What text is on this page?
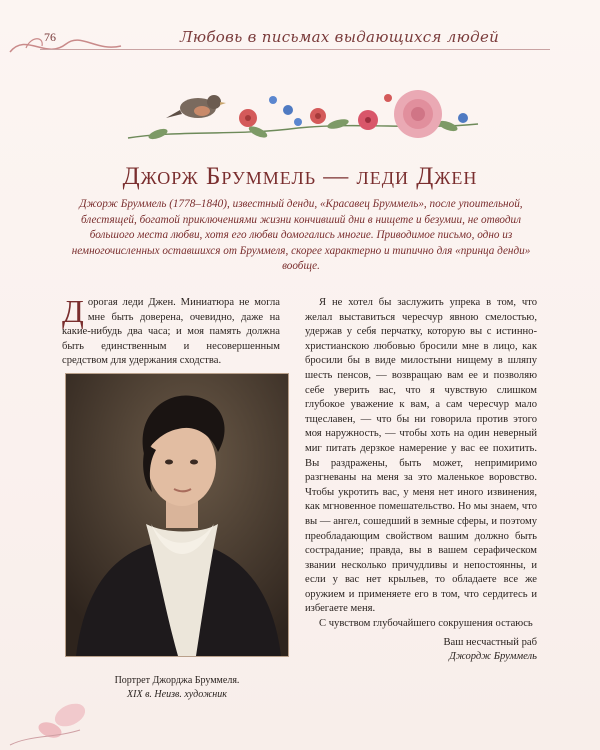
76	Любовь в письмах выдающихся людей
Джорж Бруммель — леди Джен
Джорж Бруммель (1778–1840), известный денди, «Красавец Бруммель», после упоительной, блестящей, богатой приключениями жизни кончивший дни в нищете и безумии, не отводил большого места любви, хотя его любви домогались многие. Приводимое письмо, одно из немногочисленных оставшихся от Бруммеля, скорее характерно и типично для «принца денди» вообще.
Дорогая леди Джен. Миниатюра не могла мне быть доверена, очевидно, даже на какие-нибудь два часа; и моя память должна быть единственным и несовершенным средством для удержания сходства.
Портрет Джорджа Бруммеля.
XIX в. Неизв. художник

Я не хотел бы заслужить упрека в том, что желал выставиться чересчур явною смелостью, удержав у себя перчатку, которую вы с истинно-христианскою любовью бросили мне в лицо, как бросили бы в виде милостыни нищему в шляпу шесть пенсов, — возвращаю вам ее и позволяю себе уверить вас, что я чувствую слишком глубокое уважение к вам, а сам чересчур мало тщеславен, — что бы ни говорила против этого моя наружность, — чтобы хоть на один неверный миг питать дерзкое намерение у вас ее похитить. Вы раздражены, быть может, непримиримо разгневаны на меня за это маленькое воровство. Чтобы укротить вас, у меня нет иного извинения, как мгновенное помешательство. Но мы знаем, что вы — ангел, сошедший в земные сферы, и поэтому преобладающим свойством вашим должно быть сострадание; правда, вы в вашем серафическом звании несколько причудливы и непостоянны, и если у вас нет крыльев, то обладаете все же оружием и применяете его в том, что сердитесь и избегаете меня.

С чувством глубочайшего сокрушения остаюсь

Ваш несчастный раб

Джордж Бруммель
